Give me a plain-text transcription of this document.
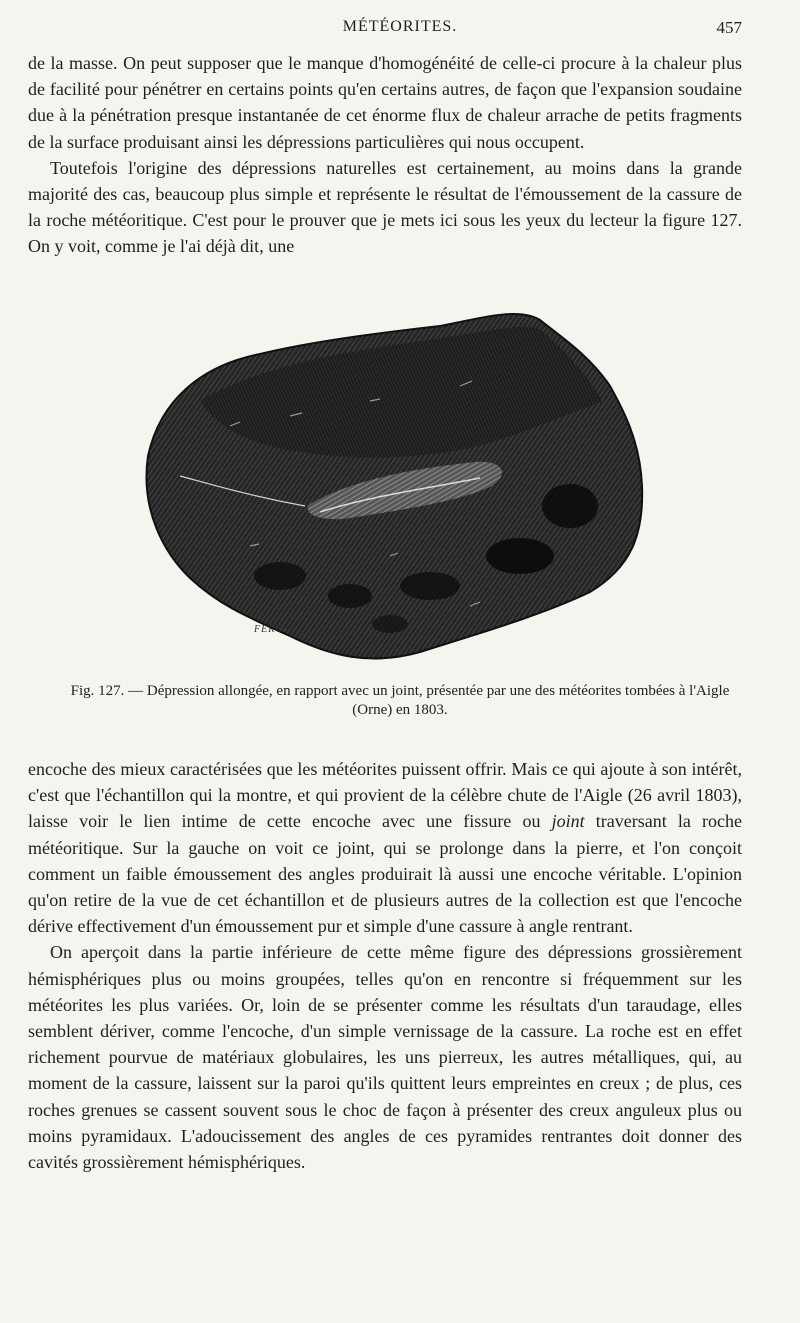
MÉTÉORITES.	457

de la masse. On peut supposer que le manque d'homogénéité de celle-ci procure à la chaleur plus de facilité pour pénétrer en certains points qu'en certains autres, de façon que l'expansion soudaine due à la pénétration presque instantanée de cet énorme flux de chaleur arrache de petits fragments de la surface produisant ainsi les dépressions particulières qui nous occupent.

Toutefois l'origine des dépressions naturelles est certainement, au moins dans la grande majorité des cas, beaucoup plus simple et représente le résultat de l'émoussement de la cassure de la roche météoritique. C'est pour le prouver que je mets ici sous les yeux du lecteur la figure 127. On y voit, comme je l'ai déjà dit, une

FEROT
Fig. 127. — Dépression allongée, en rapport avec un joint, présentée par une des météorites tombées à l'Aigle (Orne) en 1803.

encoche des mieux caractérisées que les météorites puissent offrir. Mais ce qui ajoute à son intérêt, c'est que l'échantillon qui la montre, et qui provient de la célèbre chute de l'Aigle (26 avril 1803), laisse voir le lien intime de cette encoche avec une fissure ou joint traversant la roche météoritique. Sur la gauche on voit ce joint, qui se prolonge dans la pierre, et l'on conçoit comment un faible émoussement des angles produirait là aussi une encoche véritable. L'opinion qu'on retire de la vue de cet échantillon et de plusieurs autres de la collection est que l'encoche dérive effectivement d'un émoussement pur et simple d'une cassure à angle rentrant.

On aperçoit dans la partie inférieure de cette même figure des dépressions grossièrement hémisphériques plus ou moins groupées, telles qu'on en rencontre si fréquemment sur les météorites les plus variées. Or, loin de se présenter comme les résultats d'un taraudage, elles semblent dériver, comme l'encoche, d'un simple vernissage de la cassure. La roche est en effet richement pourvue de matériaux globulaires, les uns pierreux, les autres métalliques, qui, au moment de la cassure, laissent sur la paroi qu'ils quittent leurs empreintes en creux ; de plus, ces roches grenues se cassent souvent sous le choc de façon à présenter des creux anguleux plus ou moins pyramidaux. L'adoucissement des angles de ces pyramides rentrantes doit donner des cavités grossièrement hémisphériques.
